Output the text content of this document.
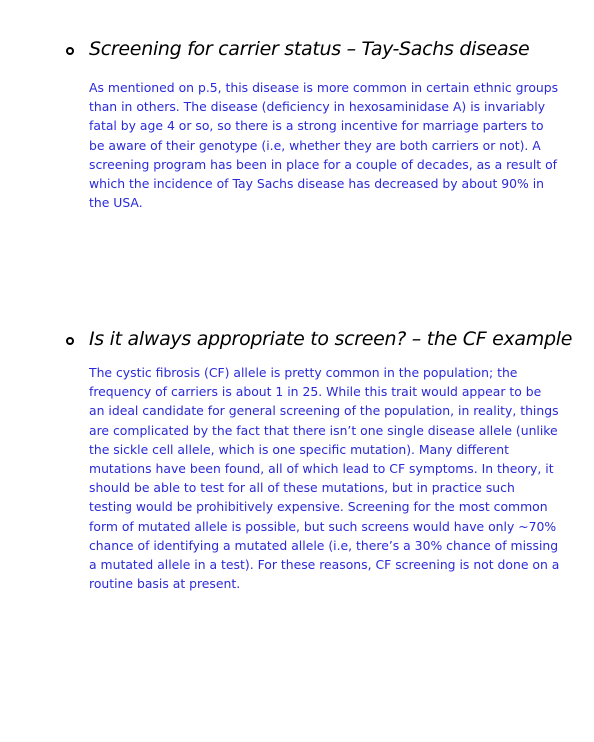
Screening for carrier status – Tay-Sachs disease

As mentioned on p.5, this disease is more common in certain ethnic groups
than in others. The disease (deficiency in hexosaminidase A) is invariably
fatal by age 4 or so, so there is a strong incentive for marriage parters to
be aware of their genotype (i.e, whether they are both carriers or not). A
screening program has been in place for a couple of decades, as a result of
which the incidence of Tay Sachs disease has decreased by about 90% in
the USA.

Is it always appropriate to screen? – the CF example

The cystic fibrosis (CF) allele is pretty common in the population; the
frequency of carriers is about 1 in 25. While this trait would appear to be
an ideal candidate for general screening of the population, in reality, things
are complicated by the fact that there isn’t one single disease allele (unlike
the sickle cell allele, which is one specific mutation). Many different
mutations have been found, all of which lead to CF symptoms. In theory, it
should be able to test for all of these mutations, but in practice such
testing would be prohibitively expensive. Screening for the most common
form of mutated allele is possible, but such screens would have only ~70%
chance of identifying a mutated allele (i.e, there’s a 30% chance of missing
a mutated allele in a test). For these reasons, CF screening is not done on a
routine basis at present.
